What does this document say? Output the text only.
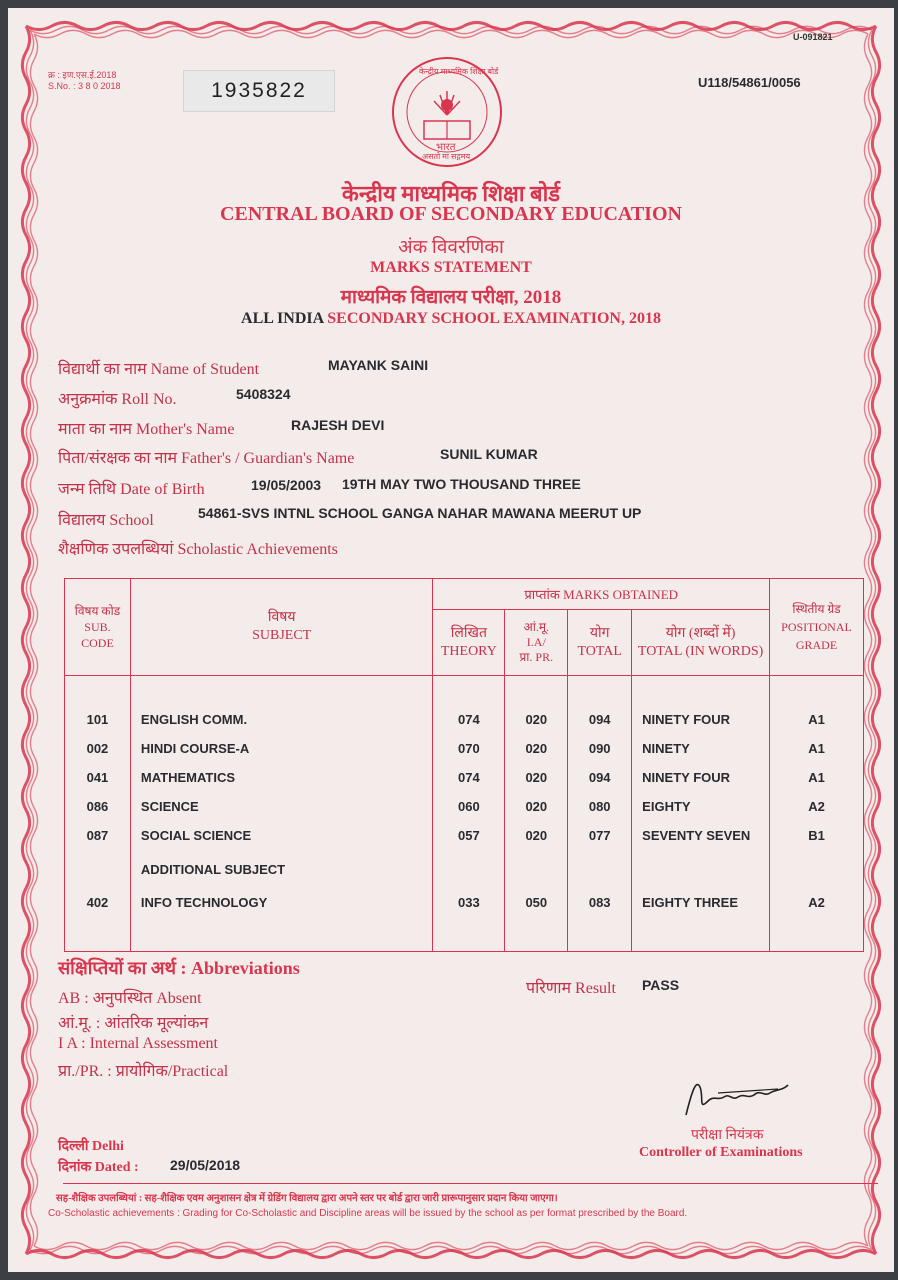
U-091821
क्र : इण.एस.ई.2018
S.No. : 3 8 0 2018	1935822	U118/54861/0056
केन्द्रीय माध्यमिक शिक्षा बोर्ड
भारत
असतो मा सद्गमय
केन्द्रीय माध्यमिक शिक्षा बोर्ड
CENTRAL BOARD OF SECONDARY EDUCATION
अंक विवरणिका
MARKS STATEMENT
माध्यमिक विद्यालय परीक्षा, 2018
ALL INDIA SECONDARY SCHOOL EXAMINATION, 2018
विद्यार्थी का नाम Name of Student	MAYANK SAINI
अनुक्रमांक Roll No.	5408324
माता का नाम Mother's Name	RAJESH DEVI
पिता/संरक्षक का नाम Father's / Guardian's Name	SUNIL KUMAR
जन्म तिथि Date of Birth	19/05/2003 19TH MAY TWO THOUSAND THREE
विद्यालय School	54861-SVS INTNL SCHOOL GANGA NAHAR MAWANA MEERUT UP
शैक्षणिक उपलब्धियां Scholastic Achievements
विषय कोड
SUB.
CODE	विषय
SUBJECT	प्राप्तांक MARKS OBTAINED				स्थितीय ग्रेड
POSITIONAL
GRADE
		लिखित
THEORY	आं.मू.
I.A/
प्रा. PR.	योग
TOTAL	योग (शब्दों में)
TOTAL (IN WORDS)	

101	ENGLISH COMM.	074	020	094	NINETY FOUR	A1
002	HINDI COURSE-A	070	020	090	NINETY	A1
041	MATHEMATICS	074	020	094	NINETY FOUR	A1
086	SCIENCE	060	020	080	EIGHTY	A2
087	SOCIAL SCIENCE	057	020	077	SEVENTY SEVEN	B1
	ADDITIONAL SUBJECT					
402	INFO TECHNOLOGY	033	050	083	EIGHTY THREE	A2

संक्षिप्तियों का अर्थ : Abbreviations
AB : अनुपस्थित Absent
आं.मू. : आंतरिक मूल्यांकन
I A : Internal Assessment
प्रा./PR. : प्रायोगिक/Practical
परिणाम Result PASS
परीक्षा नियंत्रक
Controller of Examinations
दिल्ली Delhi
दिनांक Dated : 29/05/2018
सह-शैक्षिक उपलब्धियां : सह-शैक्षिक एवम अनुशासन क्षेत्र में ग्रेडिंग विद्यालय द्वारा अपने स्तर पर बोर्ड द्वारा जारी प्रारूपानुसार प्रदान किया जाएगा।
Co-Scholastic achievements : Grading for Co-Scholastic and Discipline areas will be issued by the school as per format prescribed by the Board.
